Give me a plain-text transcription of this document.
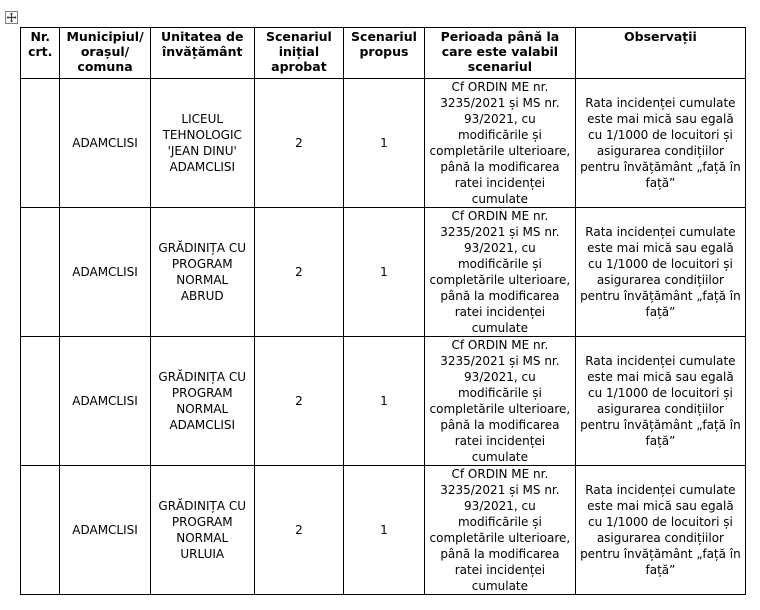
Nr. crt.	Municipiul/ orașul/ comuna	Unitatea de învățământ	Scenariul inițial aprobat	Scenariul propus	Perioada până la care este valabil scenariul	Observații
	ADAMCLISI	LICEUL TEHNOLOGIC 'JEAN DINU' ADAMCLISI	2	1	Cf ORDIN ME nr. 3235/2021 și MS nr. 93/2021, cu modificările și completările ulterioare, până la modificarea ratei incidenței cumulate	Rata incidenței cumulate este mai mică sau egală cu 1/1000 de locuitori și asigurarea condițiilor pentru învățământ „față în față”
	ADAMCLISI	GRĂDINIȚA CU PROGRAM NORMAL ABRUD	2	1	Cf ORDIN ME nr. 3235/2021 și MS nr. 93/2021, cu modificările și completările ulterioare, până la modificarea ratei incidenței cumulate	Rata incidenței cumulate este mai mică sau egală cu 1/1000 de locuitori și asigurarea condițiilor pentru învățământ „față în față”
	ADAMCLISI	GRĂDINIȚA CU PROGRAM NORMAL ADAMCLISI	2	1	Cf ORDIN ME nr. 3235/2021 și MS nr. 93/2021, cu modificările și completările ulterioare, până la modificarea ratei incidenței cumulate	Rata incidenței cumulate este mai mică sau egală cu 1/1000 de locuitori și asigurarea condițiilor pentru învățământ „față în față”
	ADAMCLISI	GRĂDINIȚA CU PROGRAM NORMAL URLUIA	2	1	Cf ORDIN ME nr. 3235/2021 și MS nr. 93/2021, cu modificările și completările ulterioare, până la modificarea ratei incidenței cumulate	Rata incidenței cumulate este mai mică sau egală cu 1/1000 de locuitori și asigurarea condițiilor pentru învățământ „față în față”
